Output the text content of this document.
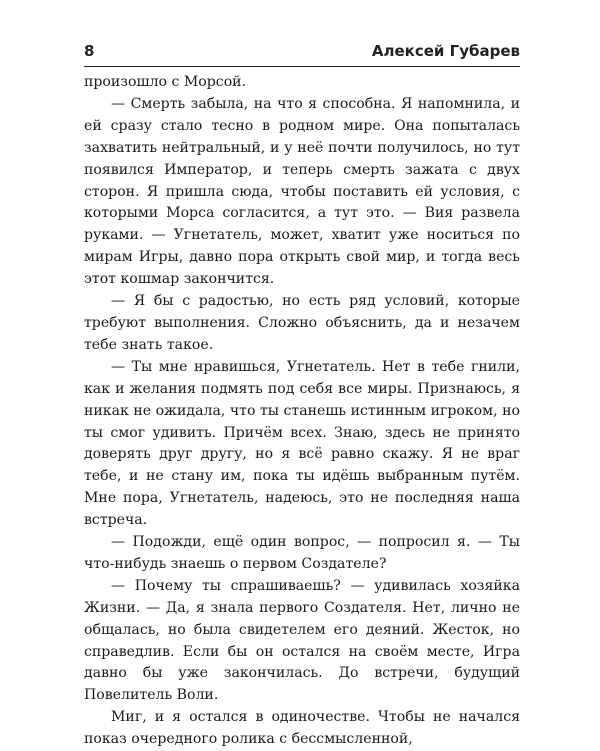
8	Алексей Губарев

произошло с Морсой.

— Смерть забыла, на что я способна. Я напомнила, и ей сразу стало тесно в родном мире. Она попыталась захватить нейтральный, и у неё почти получилось, но тут появился Император, и теперь смерть зажата с двух сторон. Я пришла сюда, чтобы поставить ей условия, с которыми Морса согласится, а тут это. — Вия развела руками. — Угнетатель, может, хватит уже носиться по мирам Игры, давно пора открыть свой мир, и тогда весь этот кошмар закончится.

— Я бы с радостью, но есть ряд условий, которые требуют выполнения. Сложно объяснить, да и незачем тебе знать такое.

— Ты мне нравишься, Угнетатель. Нет в тебе гнили, как и желания подмять под себя все миры. Признаюсь, я никак не ожидала, что ты станешь истинным игроком, но ты смог удивить. Причём всех. Знаю, здесь не принято доверять друг другу, но я всё равно скажу. Я не враг тебе, и не стану им, пока ты идёшь выбранным путём. Мне пора, Угнетатель, надеюсь, это не последняя наша встреча.

— Подожди, ещё один вопрос, — попросил я. — Ты что-нибудь знаешь о первом Создателе?

— Почему ты спрашиваешь? — удивилась хозяйка Жизни. — Да, я знала первого Создателя. Нет, лично не общалась, но была свидетелем его деяний. Жесток, но справедлив. Если бы он остался на своём месте, Игра давно бы уже закончилась. До встречи, будущий Повелитель Воли.

Миг, и я остался в одиночестве. Чтобы не начался показ очередного ролика с бессмысленной,
